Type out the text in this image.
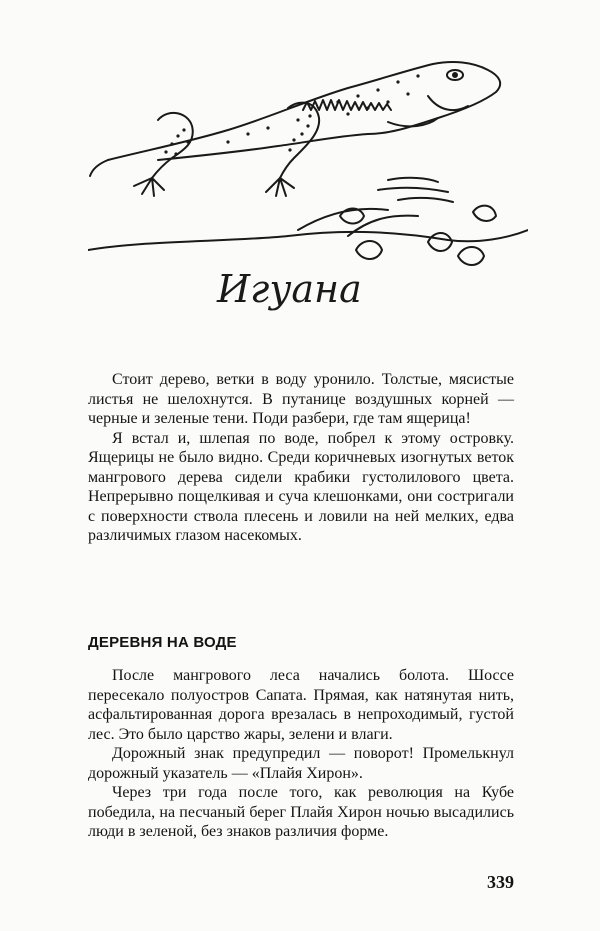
Игуана

Стоит дерево, ветки в воду уронило. Толстые, мясистые листья не шелохнутся. В путанице воздушных корней — черные и зеленые тени. Поди разбери, где там ящерица!

Я встал и, шлепая по воде, побрел к этому островку. Ящерицы не было видно. Среди коричневых изогнутых веток мангрового дерева сидели крабики густолилового цвета. Непрерывно пощелкивая и суча клешонками, они состригали с поверхности ствола плесень и ловили на ней мелких, едва различимых глазом насекомых.

ДЕРЕВНЯ НА ВОДЕ

После мангрового леса начались болота. Шоссе пересекало полуостров Сапата. Прямая, как натянутая нить, асфальтированная дорога врезалась в непроходимый, густой лес. Это было царство жары, зелени и влаги.

Дорожный знак предупредил — поворот! Промелькнул дорожный указатель — «Плайя Хирон».

Через три года после того, как революция на Кубе победила, на песчаный берег Плайя Хирон ночью высадились люди в зеленой, без знаков различия форме.

339
